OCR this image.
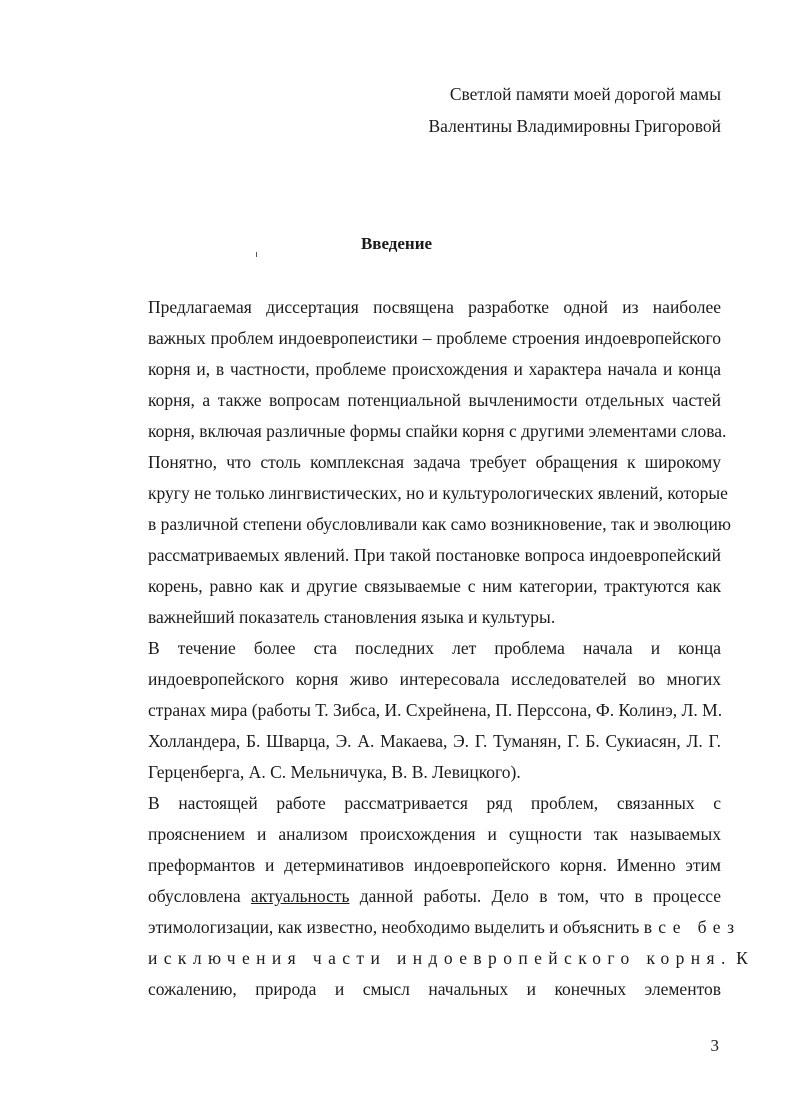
Светлой памяти моей дорогой мамы
Валентины Владимировны Григоровой
Введение

Предлагаемая диссертация посвящена разработке одной из наиболее
важных проблем индоевропеистики – проблеме строения индоевропейского
корня и, в частности, проблеме происхождения и характера начала и конца
корня, а также вопросам потенциальной вычленимости отдельных частей
корня, включая различные формы спайки корня с другими элементами слова.
Понятно, что столь комплексная задача требует обращения к широкому
кругу не только лингвистических, но и культурологических явлений, которые
в различной степени обусловливали как само возникновение, так и эволюцию
рассматриваемых явлений. При такой постановке вопроса индоевропейский
корень, равно как и другие связываемые с ним категории, трактуются как
важнейший показатель становления языка и культуры.

В течение более ста последних лет проблема начала и конца
индоевропейского корня живо интересовала исследователей во многих
странах мира (работы Т. Зибса, И. Схрейнена, П. Перссона, Ф. Колинэ, Л. М.
Холландера, Б. Шварца, Э. А. Макаева, Э. Г. Туманян, Г. Б. Сукиасян, Л. Г.
Герценберга, А. С. Мельничука, В. В. Левицкого).

В настоящей работе рассматривается ряд проблем, связанных с
прояснением и анализом происхождения и сущности так называемых
преформантов и детерминативов индоевропейского корня. Именно этим
обусловлена актуальность данной работы. Дело в том, что в процессе
этимологизации, как известно, необходимо выделить и объяснить все без
исключения части индоевропейского корня. К
сожалению, природа и смысл начальных и конечных элементов

3
